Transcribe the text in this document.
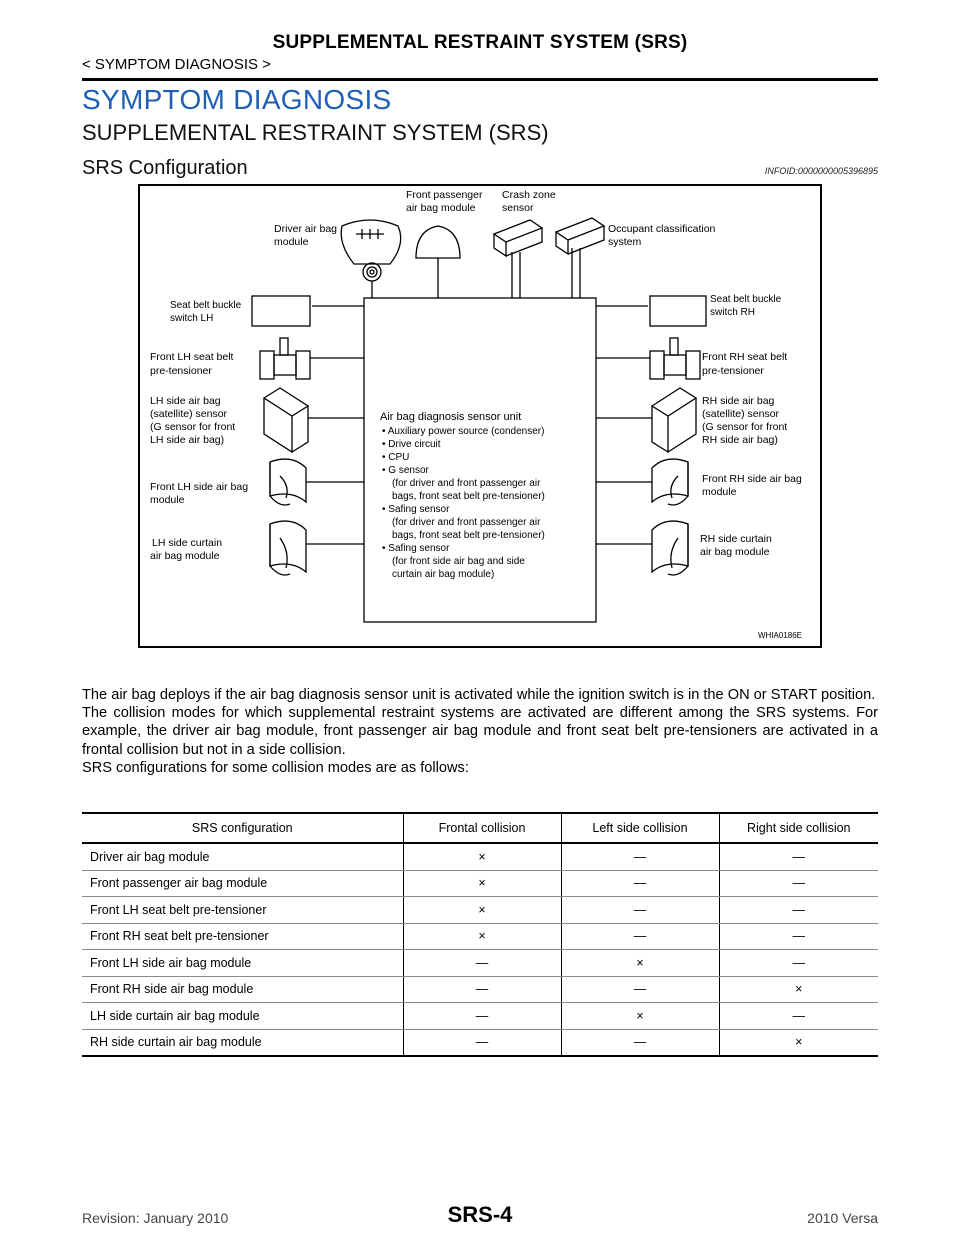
SUPPLEMENTAL RESTRAINT SYSTEM (SRS)
< SYMPTOM DIAGNOSIS >
SYMPTOM DIAGNOSIS
SUPPLEMENTAL RESTRAINT SYSTEM (SRS)
SRS Configuration	INFOID:0000000005396895
Front passenger
air bag module
Crash zone
sensor
Driver air bag
module
Occupant classification
system
Seat belt buckle
switch LH
Seat belt buckle
switch RH
Front LH seat belt
pre-tensioner
Front RH seat belt
pre-tensioner
LH side air bag
(satellite) sensor
(G sensor for front
LH side air bag)
RH side air bag
(satellite) sensor
(G sensor for front
RH side air bag)
Front LH side air bag
module
Front RH side air bag
module
LH side curtain
air bag module
RH side curtain
air bag module
Air bag diagnosis sensor unit
• Auxiliary power source (condenser)
• Drive circuit
• CPU
• G sensor
(for driver and front passenger air
bags, front seat belt pre-tensioner)
• Safing sensor
(for driver and front passenger air
bags, front seat belt pre-tensioner)
• Safing sensor
(for front side air bag and side
curtain air bag module)
WHIA0186E

The air bag deploys if the air bag diagnosis sensor unit is activated while the ignition switch is in the ON or START position.

The collision modes for which supplemental restraint systems are activated are different among the SRS systems. For example, the driver air bag module, front passenger air bag module and front seat belt pre-tensioners are activated in a frontal collision but not in a side collision.

SRS configurations for some collision modes are as follows:

SRS configuration	Frontal collision	Left side collision	Right side collision
Driver air bag module	×	—	—
Front passenger air bag module	×	—	—
Front LH seat belt pre-tensioner	×	—	—
Front RH seat belt pre-tensioner	×	—	—
Front LH side air bag module	—	×	—
Front RH side air bag module	—	—	×
LH side curtain air bag module	—	×	—
RH side curtain air bag module	—	—	×
Revision: January 2010	SRS-4	2010 Versa
